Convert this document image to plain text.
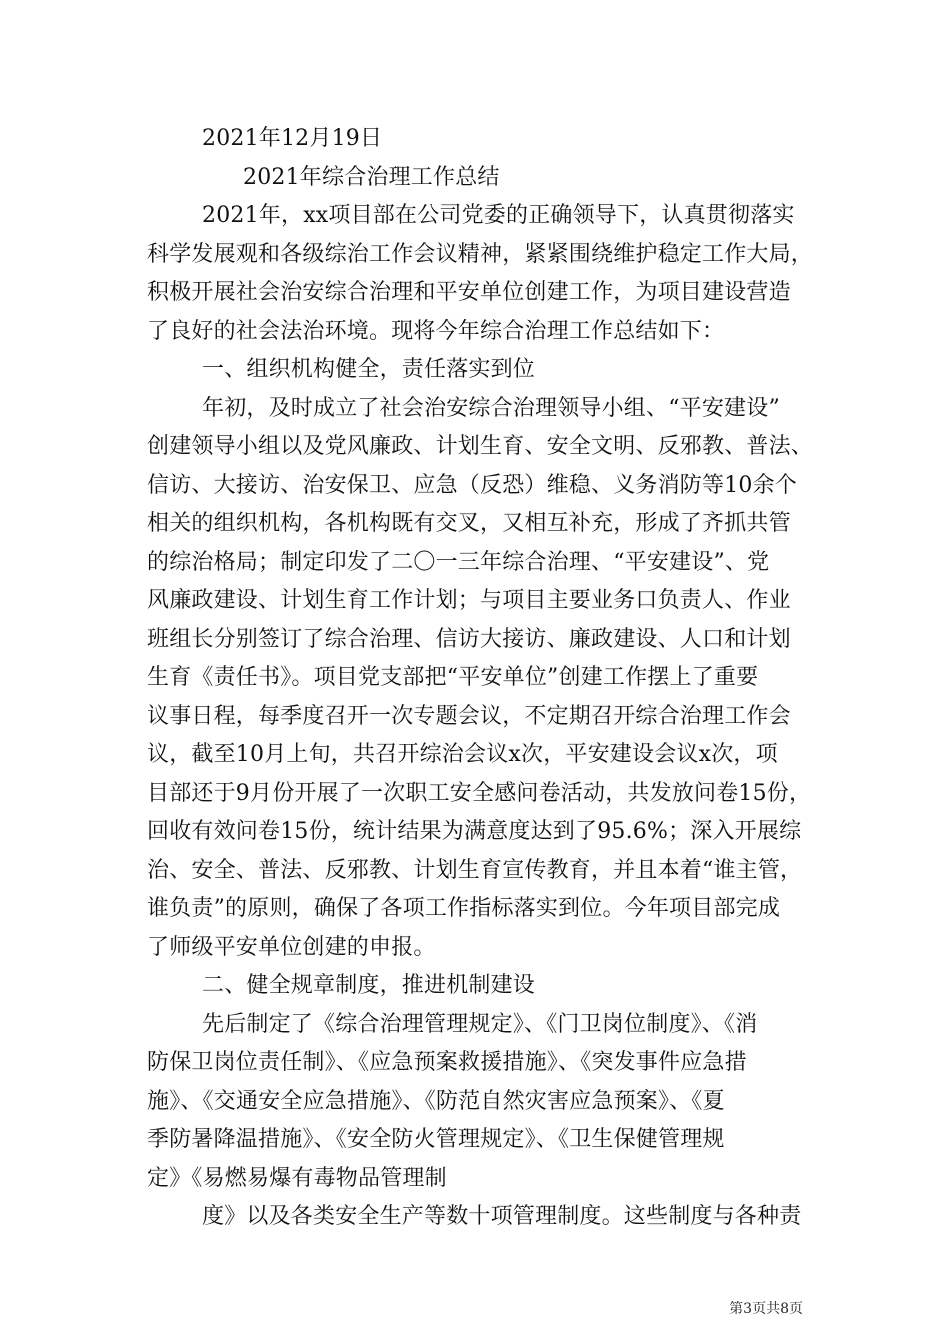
2021年12月19日

2021年综合治理工作总结

2021年，xx项目部在公司党委的正确领导下，认真贯彻落实

科学发展观和各级综治工作会议精神，紧紧围绕维护稳定工作大局，

积极开展社会治安综合治理和平安单位创建工作，为项目建设营造

了良好的社会法治环境。现将今年综合治理工作总结如下：

一、组织机构健全，责任落实到位

年初，及时成立了社会治安综合治理领导小组、“平安建设”

创建领导小组以及党风廉政、计划生育、安全文明、反邪教、普法、

信访、大接访、治安保卫、应急（反恐）维稳、义务消防等10余个

相关的组织机构，各机构既有交叉，又相互补充，形成了齐抓共管

的综治格局；制定印发了二〇一三年综合治理、“平安建设”、党

风廉政建设、计划生育工作计划；与项目主要业务口负责人、作业

班组长分别签订了综合治理、信访大接访、廉政建设、人口和计划

生育《责任书》。项目党支部把“平安单位”创建工作摆上了重要

议事日程，每季度召开一次专题会议，不定期召开综合治理工作会

议，截至10月上旬，共召开综治会议x次，平安建设会议x次，项

目部还于9月份开展了一次职工安全感问卷活动，共发放问卷15份，

回收有效问卷15份，统计结果为满意度达到了95.6%；深入开展综

治、安全、普法、反邪教、计划生育宣传教育，并且本着“谁主管，

谁负责”的原则，确保了各项工作指标落实到位。今年项目部完成

了师级平安单位创建的申报。

二、健全规章制度，推进机制建设

先后制定了《综合治理管理规定》、《门卫岗位制度》、《消

防保卫岗位责任制》、《应急预案救援措施》、《突发事件应急措

施》、《交通安全应急措施》、《防范自然灾害应急预案》、《夏

季防暑降温措施》、《安全防火管理规定》、《卫生保健管理规

定》《易燃易爆有毒物品管理制

度》以及各类安全生产等数十项管理制度。这些制度与各种责

第3页共8页
